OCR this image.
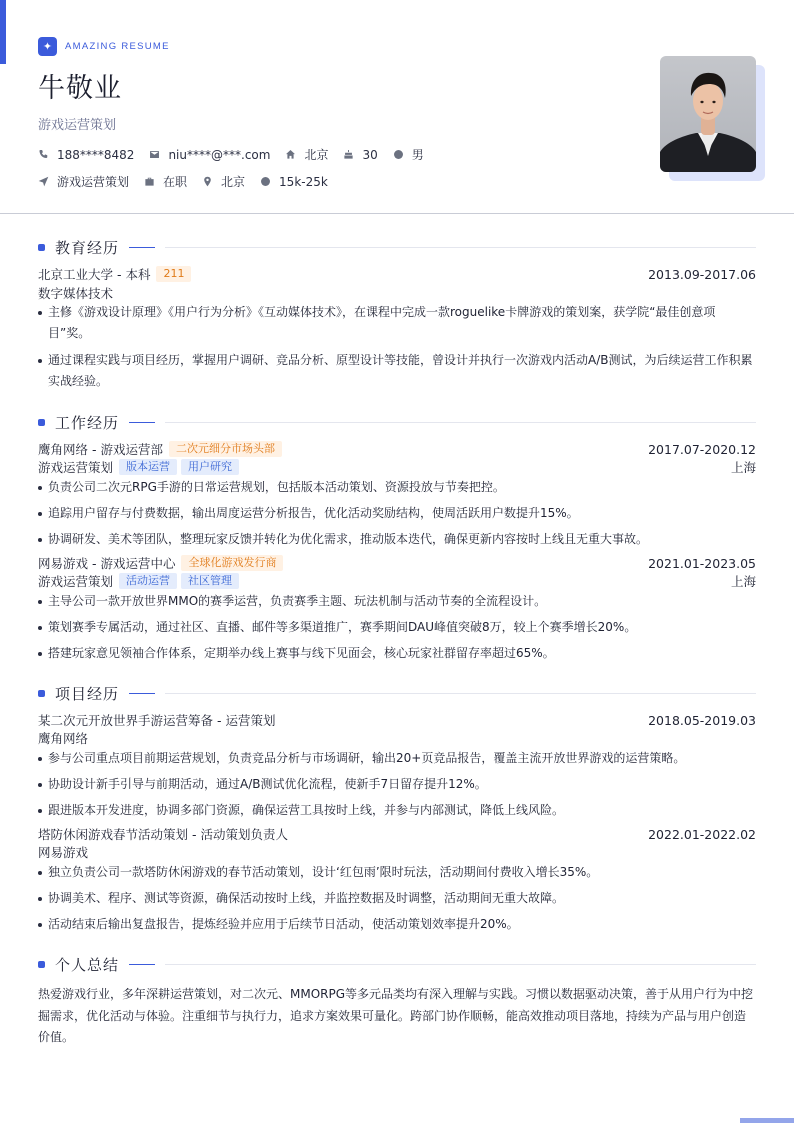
✦	AMAZING RESUME
牛敬业
游戏运营策划
188****8482	niu****@***.com	北京	30	男
游戏运营策划	在职	北京	15k-25k
教育经历
北京工业大学 - 本科	211	2013.09-2017.06
数字媒体技术
主修《游戏设计原理》《用户行为分析》《互动媒体技术》，在课程中完成一款roguelike卡牌游戏的策划案，获学院“最佳创意项目”奖。
通过课程实践与项目经历，掌握用户调研、竞品分析、原型设计等技能，曾设计并执行一次游戏内活动A/B测试，为后续运营工作积累实战经验。
工作经历
鹰角网络 - 游戏运营部	二次元细分市场头部	2017.07-2020.12
游戏运营策划	版本运营	用户研究	上海
负责公司二次元RPG手游的日常运营规划，包括版本活动策划、资源投放与节奏把控。
追踪用户留存与付费数据，输出周度运营分析报告，优化活动奖励结构，使周活跃用户数提升15%。
协调研发、美术等团队，整理玩家反馈并转化为优化需求，推动版本迭代，确保更新内容按时上线且无重大事故。
网易游戏 - 游戏运营中心	全球化游戏发行商	2021.01-2023.05
游戏运营策划	活动运营	社区管理	上海
主导公司一款开放世界MMO的赛季运营，负责赛季主题、玩法机制与活动节奏的全流程设计。
策划赛季专属活动，通过社区、直播、邮件等多渠道推广，赛季期间DAU峰值突破8万，较上个赛季增长20%。
搭建玩家意见领袖合作体系，定期举办线上赛事与线下见面会，核心玩家社群留存率超过65%。
项目经历
某二次元开放世界手游运营筹备 - 运营策划	2018.05-2019.03
鹰角网络
参与公司重点项目前期运营规划，负责竞品分析与市场调研，输出20+页竞品报告，覆盖主流开放世界游戏的运营策略。
协助设计新手引导与前期活动，通过A/B测试优化流程，使新手7日留存提升12%。
跟进版本开发进度，协调多部门资源，确保运营工具按时上线，并参与内部测试，降低上线风险。
塔防休闲游戏春节活动策划 - 活动策划负责人	2022.01-2022.02
网易游戏
独立负责公司一款塔防休闲游戏的春节活动策划，设计‘红包雨’限时玩法，活动期间付费收入增长35%。
协调美术、程序、测试等资源，确保活动按时上线，并监控数据及时调整，活动期间无重大故障。
活动结束后输出复盘报告，提炼经验并应用于后续节日活动，使活动策划效率提升20%。
个人总结
热爱游戏行业，多年深耕运营策划，对二次元、MMORPG等多元品类均有深入理解与实践。习惯以数据驱动决策，善于从用户行为中挖掘需求，优化活动与体验。注重细节与执行力，追求方案效果可量化。跨部门协作顺畅，能高效推动项目落地，持续为产品与用户创造价值。
